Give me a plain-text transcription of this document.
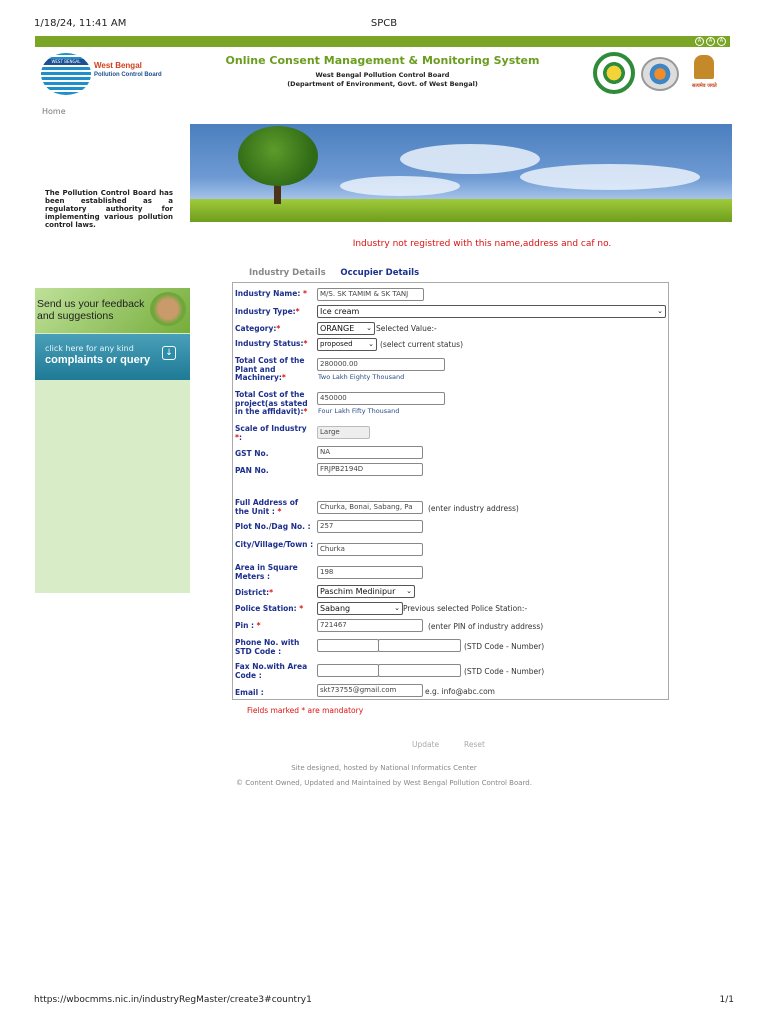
1/18/24, 11:41 AM	SPCB
A	A	A
WEST BENGAL	West Bengal
Pollution Control Board
Online Consent Management & Monitoring System
West Bengal Pollution Control Board
(Department of Environment, Govt. of West Bengal)	सत्यमेव जयते
Home
The Pollution Control Board has been established as a regulatory authority for implementing various pollution control laws.
Industry not registred with this name,address and caf no.
Industry Details Occupier Details
Send us your feedback
and suggestions
click here for any kind
complaints or query
↓
Industry Name: *	M/S. SK TAMIM & SK TANJ
Industry Type:*	Ice cream	⌄
Category:*	ORANGE ⌄ Selected Value:-
Industry Status:*	proposed ⌄ (select current status)
Total Cost of the Plant and Machinery:*
280000.00
Two Lakh Eighty Thousand
Total Cost of the project(as stated in the affidavit):*
450000
Four Lakh Fifty Thousand
Scale of Industry
*:
Large
GST No.	NA
PAN No.	FRJPB2194D
Full Address of the Unit : *	Churka, Bonai, Sabang, Pa	(enter industry address)
Plot No./Dag No. :	257
City/Village/Town : Churka
Area in Square Meters :	198
District:*	Paschim Medinipur ⌄
Police Station: *	Sabang	⌄ Previous selected Police Station:-
Pin : *	721467	(enter PIN of industry address)
Phone No. with STD Code :	(STD Code - Number)
Fax No.with Area Code :	(STD Code - Number)
Email :	skt73755@gmail.com	e.g. info@abc.com
Fields marked * are mandatory
Update	Reset
Site designed, hosted by National Informatics Center
© Content Owned, Updated and Maintained by West Bengal Pollution Control Board.
https://wbocmms.nic.in/industryRegMaster/create3#country1	1/1
